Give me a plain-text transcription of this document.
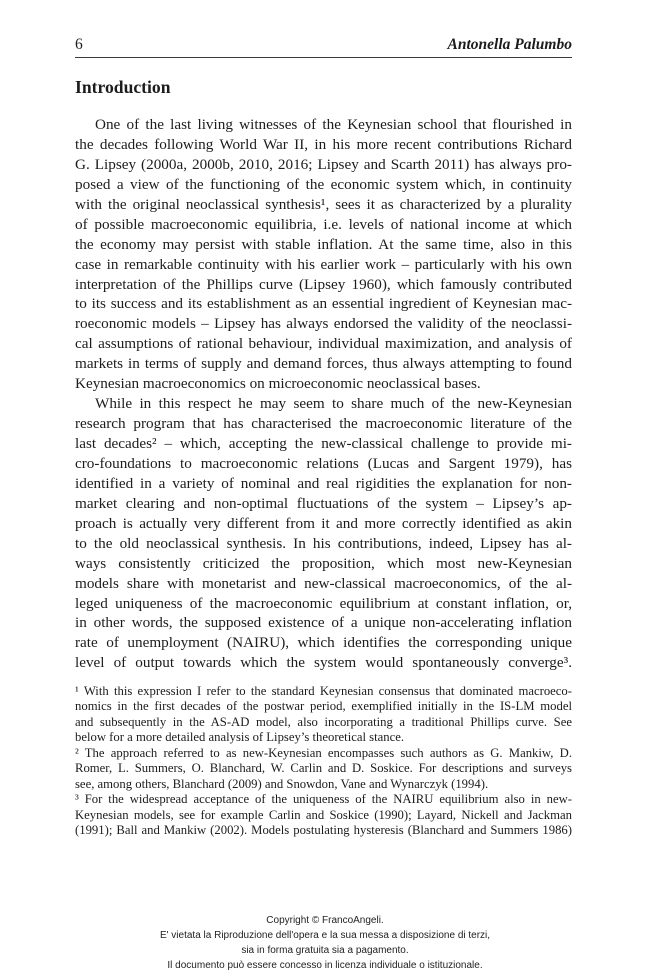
6	Antonella Palumbo
Introduction
One of the last living witnesses of the Keynesian school that flourished in
the decades following World War II, in his more recent contributions Richard
G. Lipsey (2000a, 2000b, 2010, 2016; Lipsey and Scarth 2011) has always pro-
posed a view of the functioning of the economic system which, in continuity
with the original neoclassical synthesis¹, sees it as characterized by a plurality
of possible macroeconomic equilibria, i.e. levels of national income at which
the economy may persist with stable inflation. At the same time, also in this
case in remarkable continuity with his earlier work – particularly with his own
interpretation of the Phillips curve (Lipsey 1960), which famously contributed
to its success and its establishment as an essential ingredient of Keynesian mac-
roeconomic models – Lipsey has always endorsed the validity of the neoclassi-
cal assumptions of rational behaviour, individual maximization, and analysis of
markets in terms of supply and demand forces, thus always attempting to found
Keynesian macroeconomics on microeconomic neoclassical bases.
While in this respect he may seem to share much of the new-Keynesian
research program that has characterised the macroeconomic literature of the
last decades² – which, accepting the new-classical challenge to provide mi-
cro-foundations to macroeconomic relations (Lucas and Sargent 1979), has
identified in a variety of nominal and real rigidities the explanation for non-
market clearing and non-optimal fluctuations of the system – Lipsey’s ap-
proach is actually very different from it and more correctly identified as akin
to the old neoclassical synthesis. In his contributions, indeed, Lipsey has al-
ways consistently criticized the proposition, which most new-Keynesian
models share with monetarist and new-classical macroeconomics, of the al-
leged uniqueness of the macroeconomic equilibrium at constant inflation, or,
in other words, the supposed existence of a unique non-accelerating inflation
rate of unemployment (NAIRU), which identifies the corresponding unique
level of output towards which the system would spontaneously converge³.
¹ With this expression I refer to the standard Keynesian consensus that dominated macroeco-
nomics in the first decades of the postwar period, exemplified initially in the IS-LM model
and subsequently in the AS-AD model, also incorporating a traditional Phillips curve. See
below for a more detailed analysis of Lipsey’s theoretical stance.
² The approach referred to as new-Keynesian encompasses such authors as G. Mankiw, D.
Romer, L. Summers, O. Blanchard, W. Carlin and D. Soskice. For descriptions and surveys
see, among others, Blanchard (2009) and Snowdon, Vane and Wynarczyk (1994).
³ For the widespread acceptance of the uniqueness of the NAIRU equilibrium also in new-
Keynesian models, see for example Carlin and Soskice (1990); Layard, Nickell and Jackman
(1991); Ball and Mankiw (2002). Models postulating hysteresis (Blanchard and Summers 1986)
Copyright © FrancoAngeli.
E' vietata la Riproduzione dell'opera e la sua messa a disposizione di terzi,
sia in forma gratuita sia a pagamento.
Il documento può essere concesso in licenza individuale o istituzionale.
